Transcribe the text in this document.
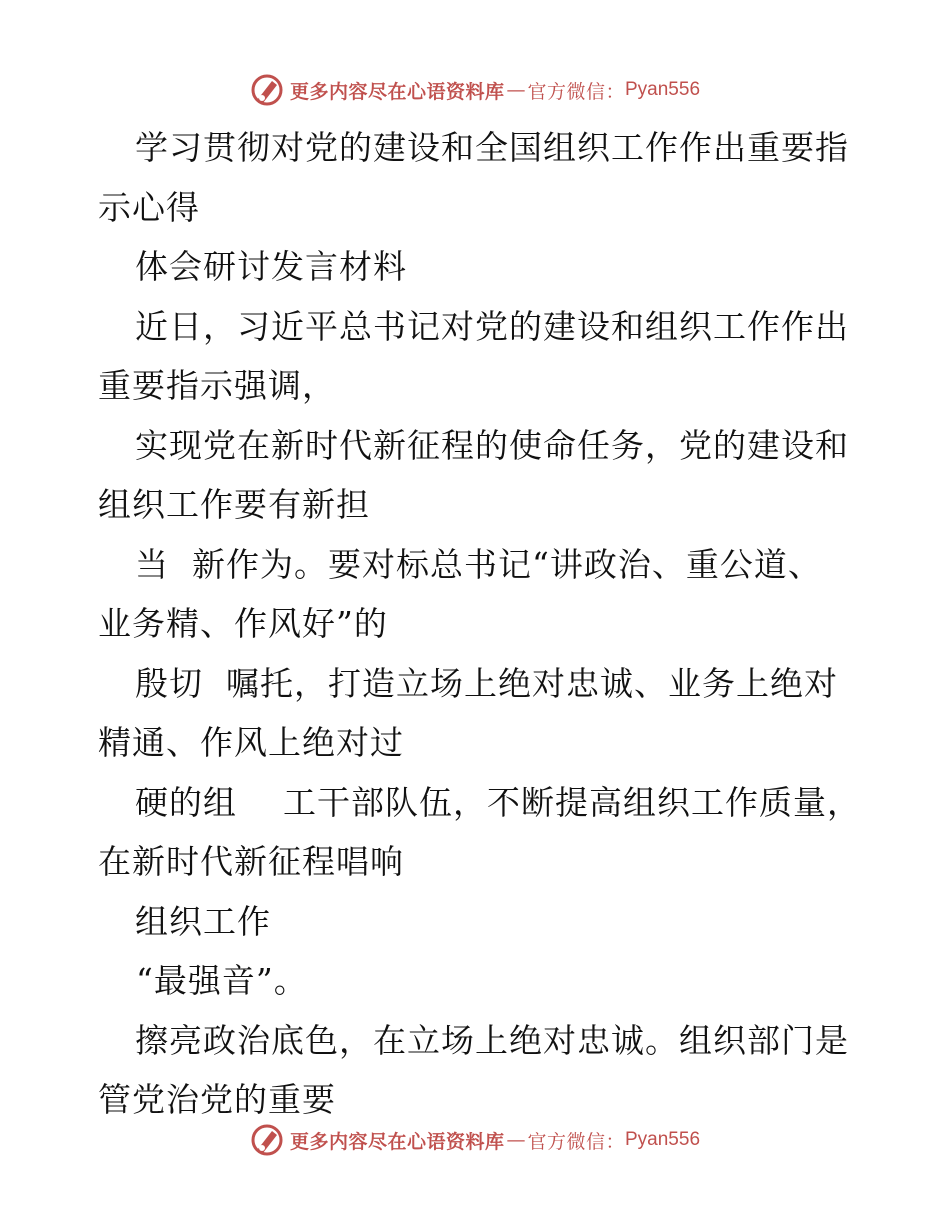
更多内容尽在心语资料库 — 官方微信： Pyan556
学习贯彻对党的建设和全国组织工作作出重要指
示心得
体会研讨发言材料
近日，习近平总书记对党的建设和组织工作作出
重要指示强调，
实现党在新时代新征程的使命任务，党的建设和
组织工作要有新担
当  新作为。要对标总书记“讲政治、重公道、
业务精、作风好”的
殷切  嘱托，打造立场上绝对忠诚、业务上绝对
精通、作风上绝对过
硬的组    工干部队伍，不断提高组织工作质量，
在新时代新征程唱响
组织工作
“最强音”。
擦亮政治底色，在立场上绝对忠诚。组织部门是
管党治党的重要
更多内容尽在心语资料库 — 官方微信： Pyan556
